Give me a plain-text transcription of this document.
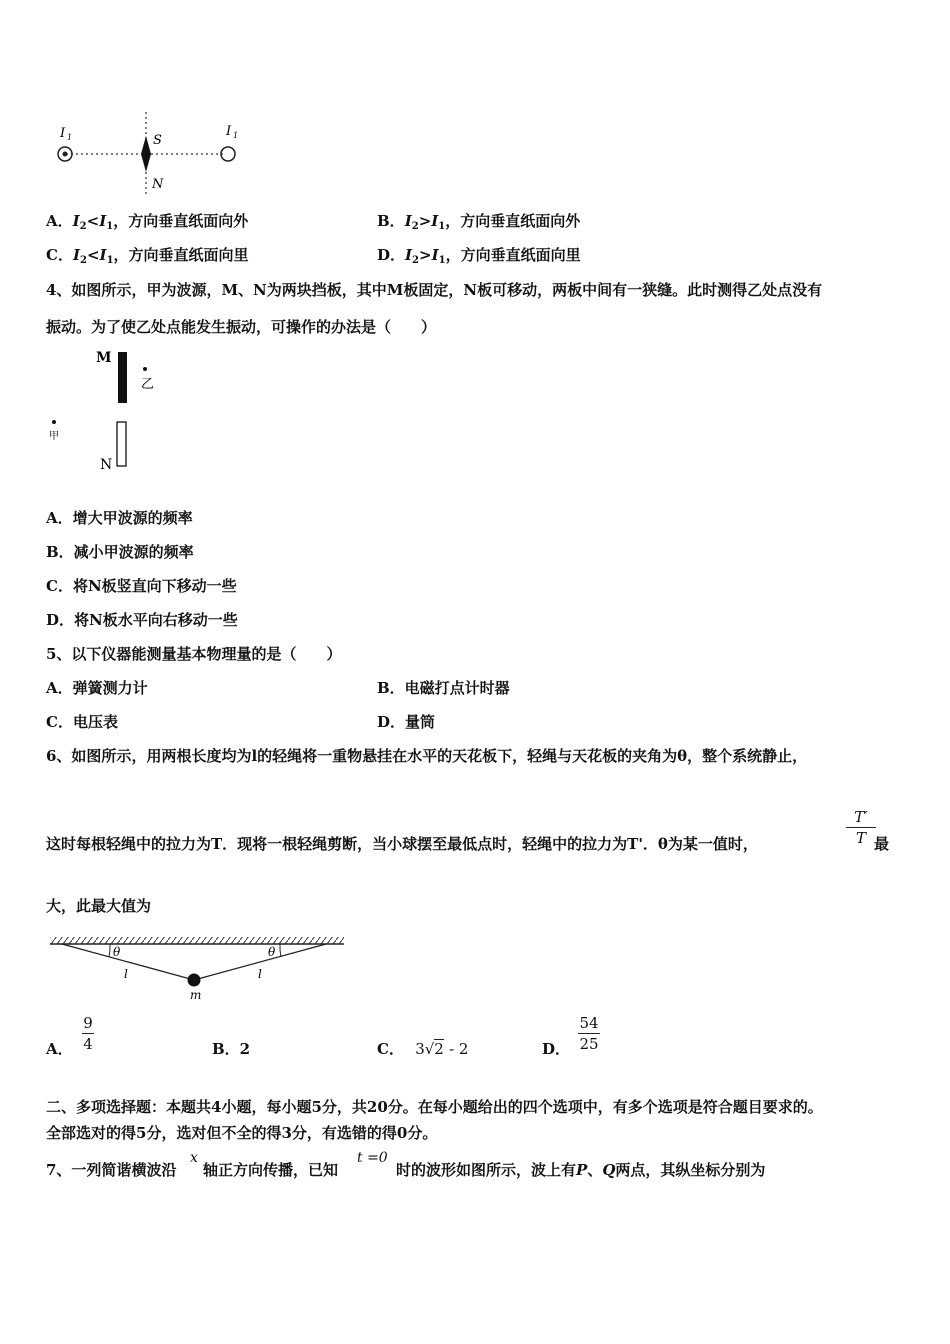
I 1	I 1
S
N
A．$I_2<I_1$，方向垂直纸面向外	B．$I_2>I_1$，方向垂直纸面向外
C．$I_2<I_1$，方向垂直纸面向里	D．$I_2>I_1$，方向垂直纸面向里
4、如图所示，甲为波源，M、N为两块挡板，其中M板固定，N板可移动，两板中间有一狭缝。此时测得乙处点没有
振动。为了使乙处点能发生振动，可操作的办法是（　　）
M
N
乙
甲
A．增大甲波源的频率
B．减小甲波源的频率
C．将N板竖直向下移动一些
D．将N板水平向右移动一些
5、以下仪器能测量基本物理量的是（　　）
A．弹簧测力计	B．电磁打点计时器
C．电压表	D．量筒
6、如图所示，用两根长度均为l的轻绳将一重物悬挂在水平的天花板下，轻绳与天花板的夹角为θ，整个系统静止，
这时每根轻绳中的拉力为T．现将一根轻绳剪断，当小球摆至最低点时，轻绳中的拉力为T'．θ为某一值时，
T′
T 最
大，此最大值为
θ	θ
l	l
m
A．
9
4	B．2	C． 3√2 - 2	D．
54
25
二、多项选择题：本题共4小题，每小题5分，共20分。在每小题给出的四个选项中，有多个选项是符合题目要求的。
全部选对的得5分，选对但不全的得3分，有选错的得0分。
7、一列简谐横波沿
x
轴正方向传播，已知
t =0
时的波形如图所示，波上有P、Q两点，其纵坐标分别为
